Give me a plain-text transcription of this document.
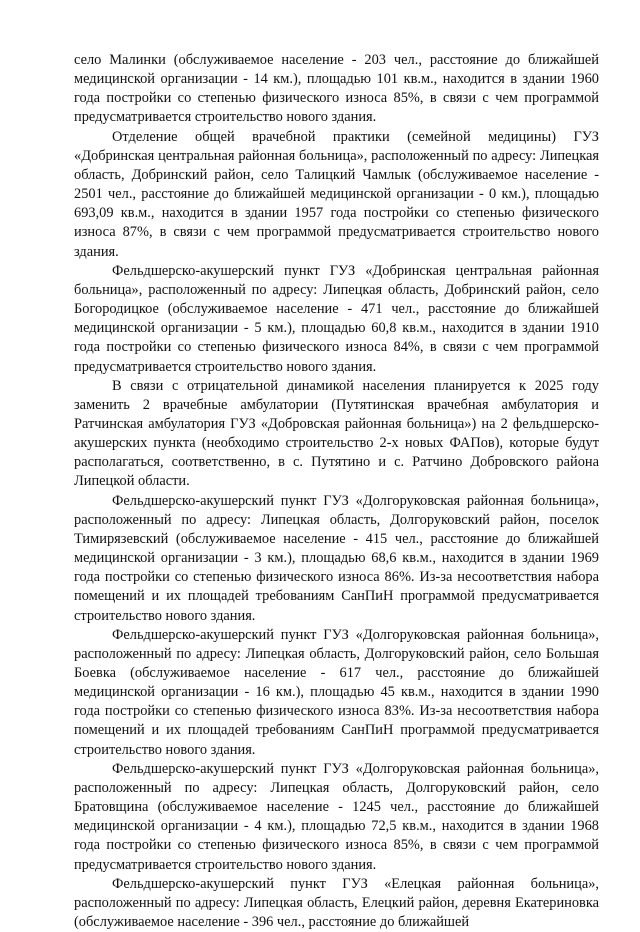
село Малинки (обслуживаемое население - 203 чел., расстояние до ближайшей медицинской организации - 14 км.), площадью 101 кв.м., находится в здании 1960 года постройки со степенью физического износа 85%, в связи с чем программой предусматривается строительство нового здания.

Отделение общей врачебной практики (семейной медицины) ГУЗ «Добринская центральная районная больница», расположенный по адресу: Липецкая область, Добринский район, село Талицкий Чамлык (обслуживаемое население - 2501 чел., расстояние до ближайшей медицинской организации - 0 км.), площадью 693,09 кв.м., находится в здании 1957 года постройки со степенью физического износа 87%, в связи с чем программой предусматривается строительство нового здания.

Фельдшерско-акушерский пункт ГУЗ «Добринская центральная районная больница», расположенный по адресу: Липецкая область, Добринский район, село Богородицкое (обслуживаемое население - 471 чел., расстояние до ближайшей медицинской организации - 5 км.), площадью 60,8 кв.м., находится в здании 1910 года постройки со степенью физического износа 84%, в связи с чем программой предусматривается строительство нового здания.

В связи с отрицательной динамикой населения планируется к 2025 году заменить 2 врачебные амбулатории (Путятинская врачебная амбулатория и Ратчинская амбулатория ГУЗ «Добровская районная больница») на 2 фельдшерско-акушерских пункта (необходимо строительство 2-х новых ФАПов), которые будут располагаться, соответственно, в с. Путятино и с. Ратчино Добровского района Липецкой области.

Фельдшерско-акушерский пункт ГУЗ «Долгоруковская районная больница», расположенный по адресу: Липецкая область, Долгоруковский район, поселок Тимирязевский (обслуживаемое население - 415 чел., расстояние до ближайшей медицинской организации - 3 км.), площадью 68,6 кв.м., находится в здании 1969 года постройки со степенью физического износа 86%. Из-за несоответствия набора помещений и их площадей требованиям СанПиН программой предусматривается строительство нового здания.

Фельдшерско-акушерский пункт ГУЗ «Долгоруковская районная больница», расположенный по адресу: Липецкая область, Долгоруковский район, село Большая Боевка (обслуживаемое население - 617 чел., расстояние до ближайшей медицинской организации - 16 км.), площадью 45 кв.м., находится в здании 1990 года постройки со степенью физического износа 83%. Из-за несоответствия набора помещений и их площадей требованиям СанПиН программой предусматривается строительство нового здания.

Фельдшерско-акушерский пункт ГУЗ «Долгоруковская районная больница», расположенный по адресу: Липецкая область, Долгоруковский район, село Братовщина (обслуживаемое население - 1245 чел., расстояние до ближайшей медицинской организации - 4 км.), площадью 72,5 кв.м., находится в здании 1968 года постройки со степенью физического износа 85%, в связи с чем программой предусматривается строительство нового здания.

Фельдшерско-акушерский пункт ГУЗ «Елецкая районная больница», расположенный по адресу: Липецкая область, Елецкий район, деревня Екатериновка (обслуживаемое население - 396 чел., расстояние до ближайшей
